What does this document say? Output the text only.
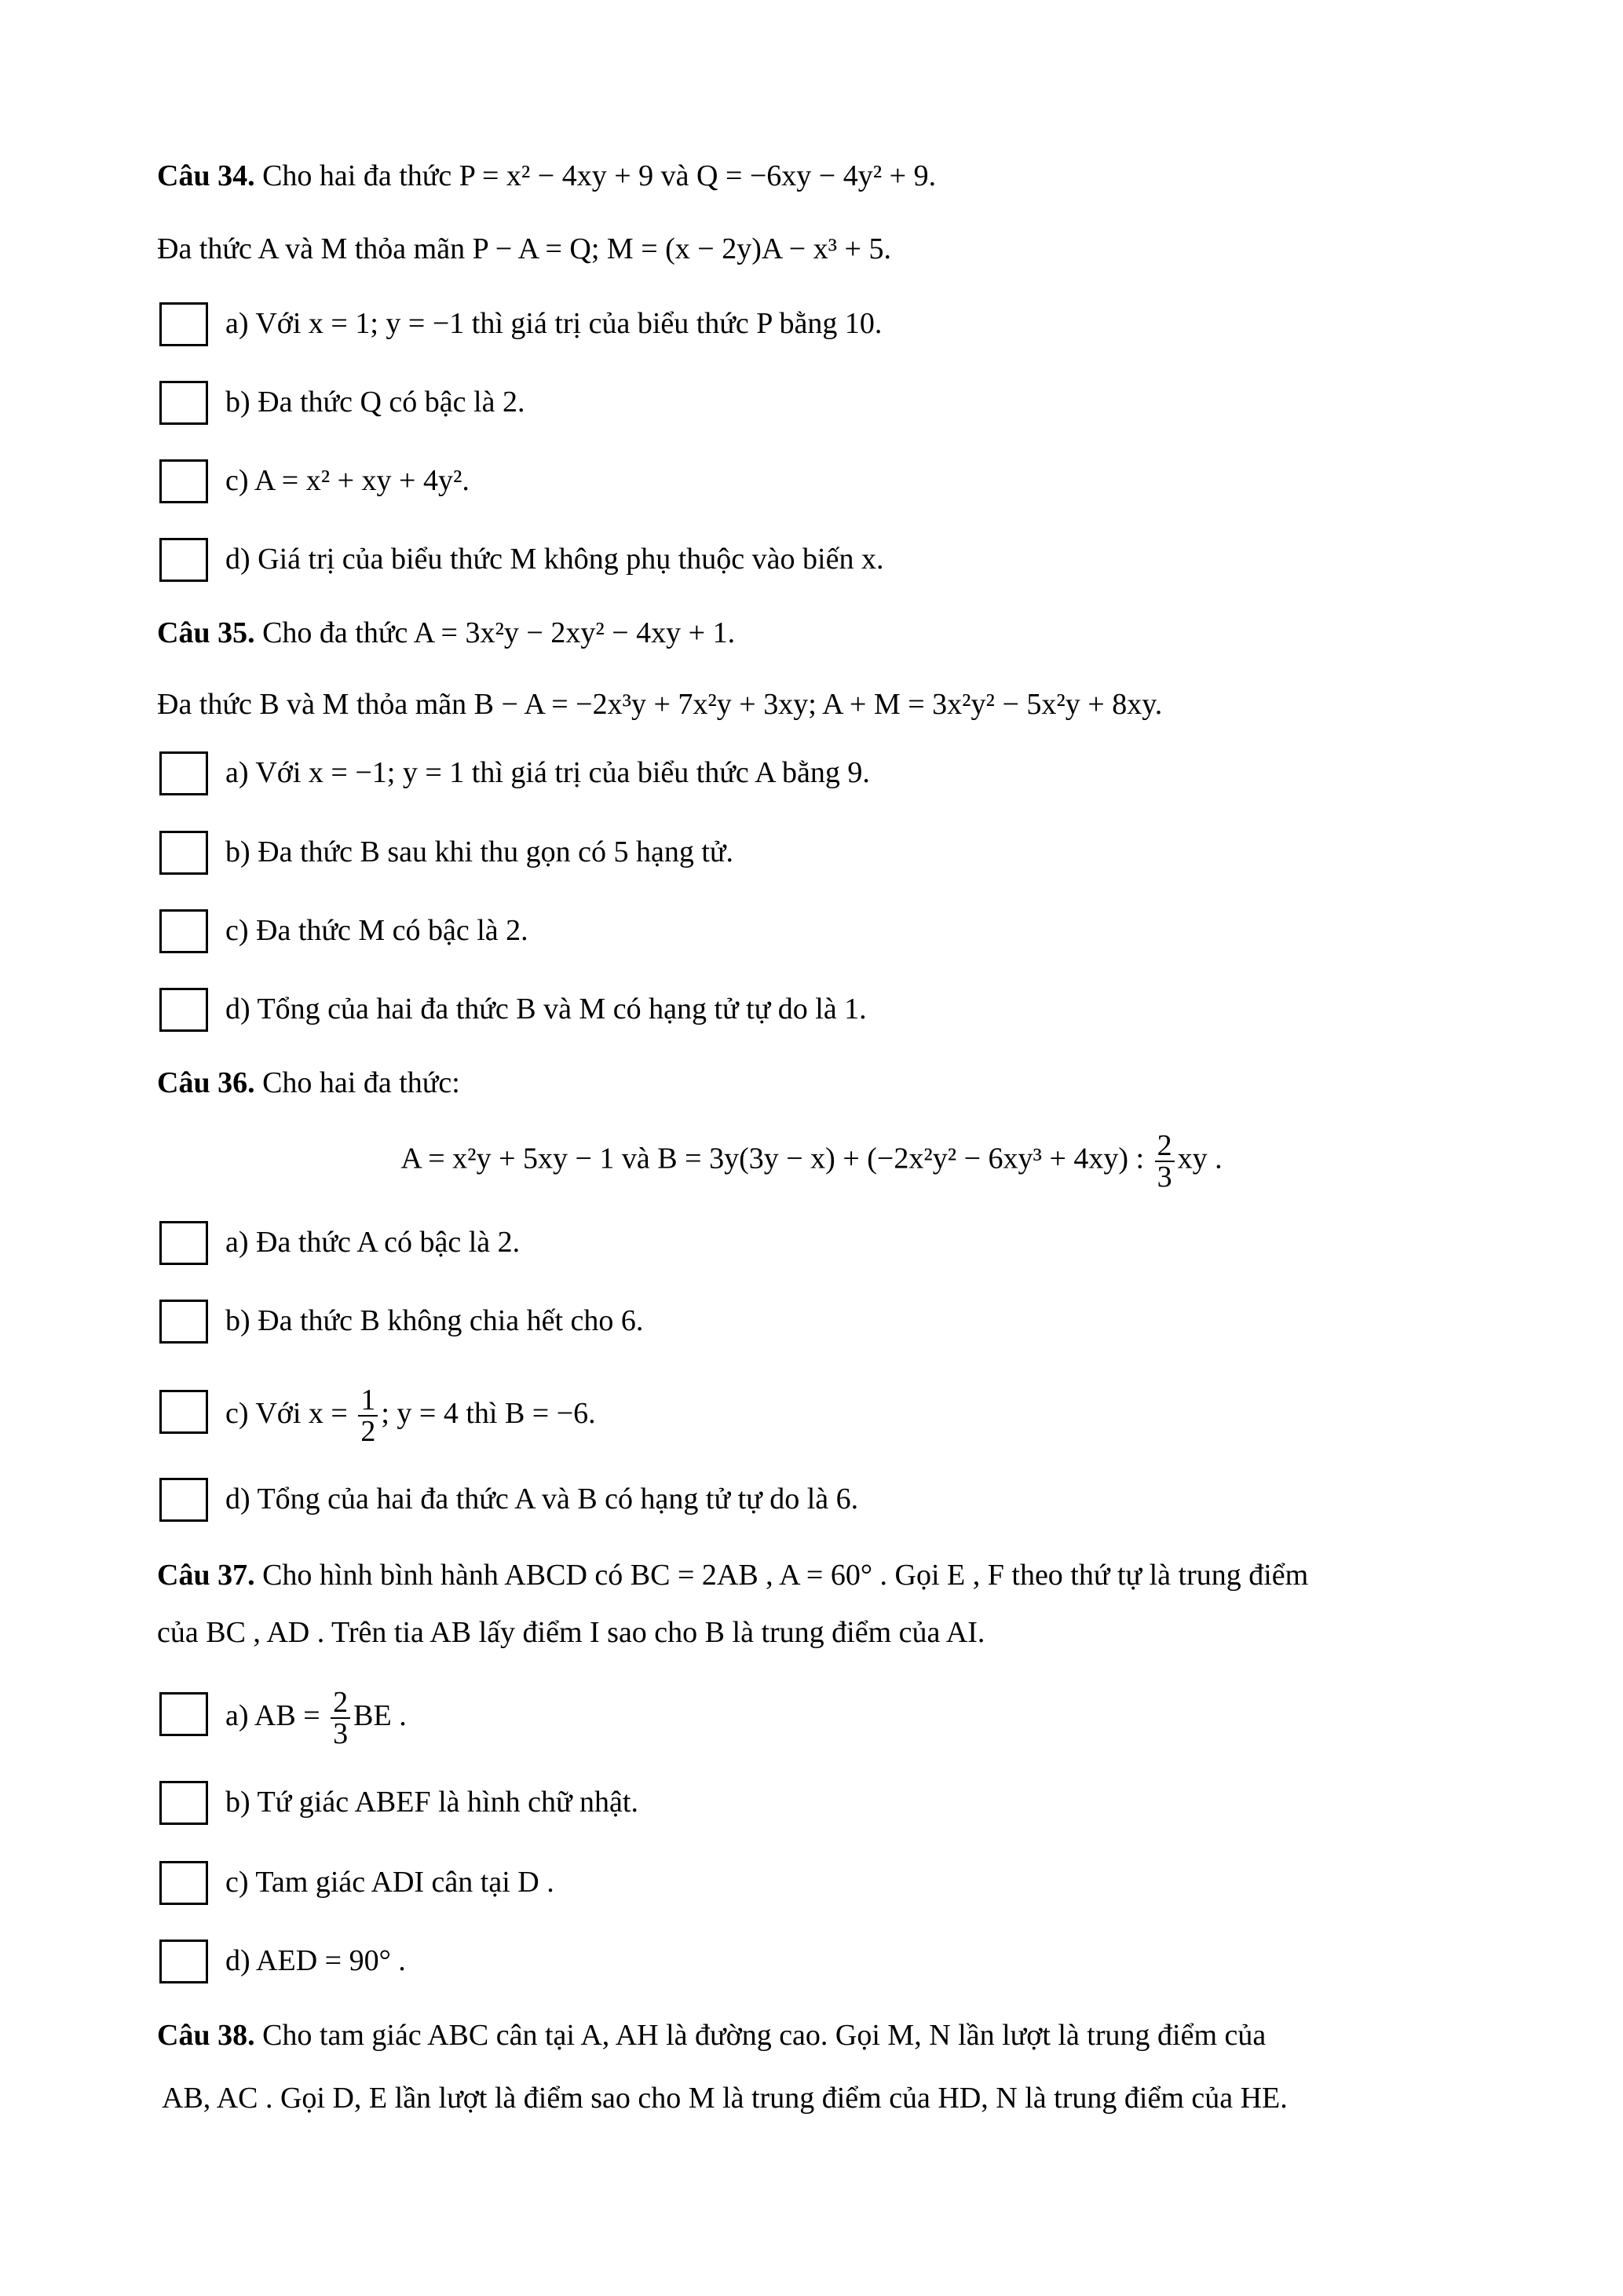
Câu 34. Cho hai đa thức P = x² − 4xy + 9 và Q = −6xy − 4y² + 9.
Đa thức A và M thỏa mãn P − A = Q; M = (x − 2y)A − x³ + 5.
a) Với x = 1; y = −1 thì giá trị của biểu thức P bằng 10.
b) Đa thức Q có bậc là 2.
c) A = x² + xy + 4y².
d) Giá trị của biểu thức M không phụ thuộc vào biến x.
Câu 35. Cho đa thức A = 3x²y − 2xy² − 4xy + 1.
Đa thức B và M thỏa mãn B − A = −2x³y + 7x²y + 3xy; A + M = 3x²y² − 5x²y + 8xy.
a) Với x = −1; y = 1 thì giá trị của biểu thức A bằng 9.
b) Đa thức B sau khi thu gọn có 5 hạng tử.
c) Đa thức M có bậc là 2.
d) Tổng của hai đa thức B và M có hạng tử tự do là 1.
Câu 36. Cho hai đa thức:
A = x²y + 5xy − 1 và B = 3y(3y − x) + (−2x²y² − 6xy³ + 4xy) : $\frac{2}{3}$ xy .
a) Đa thức A có bậc là 2.
b) Đa thức B không chia hết cho 6.
c) Với $x = \frac{1}{2}$ ; y = 4 thì B = −6.
d) Tổng của hai đa thức A và B có hạng tử tự do là 6.
Câu 37. Cho hình bình hành ABCD có BC = 2AB , A = 60° . Gọi E , F theo thứ tự là trung điểm
của BC , AD . Trên tia AB lấy điểm I sao cho B là trung điểm của AI.
a) AB = $\frac{2}{3}$ BE .
b) Tứ giác ABEF là hình chữ nhật.
c) Tam giác ADI cân tại D .
d) AED = 90° .
Câu 38. Cho tam giác ABC cân tại A, AH là đường cao. Gọi M, N lần lượt là trung điểm của
AB, AC . Gọi D, E lần lượt là điểm sao cho M là trung điểm của HD, N là trung điểm của HE.
